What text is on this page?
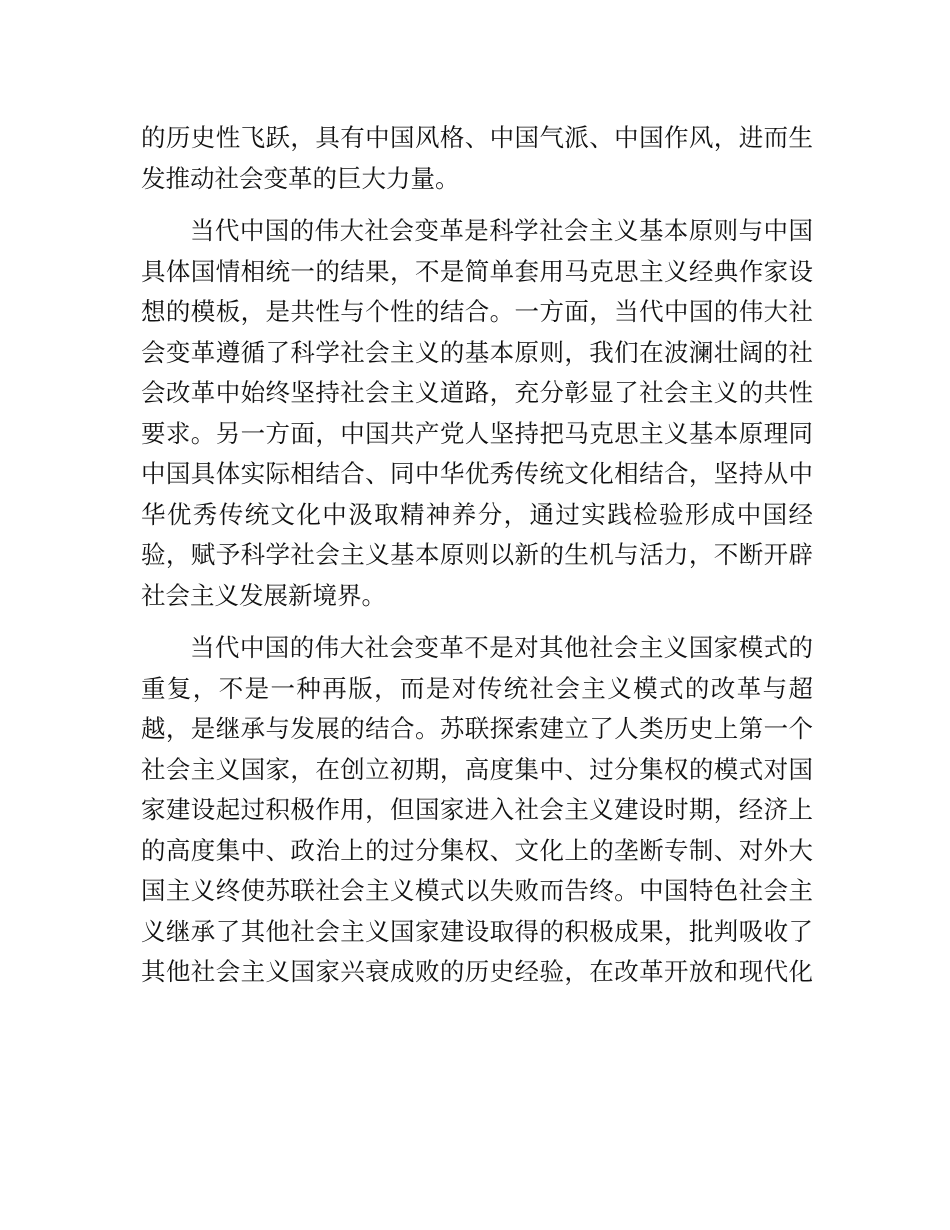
的历史性飞跃，具有中国风格、中国气派、中国作风，进而生
发推动社会变革的巨大力量。
当代中国的伟大社会变革是科学社会主义基本原则与中国
具体国情相统一的结果，不是简单套用马克思主义经典作家设
想的模板，是共性与个性的结合。一方面，当代中国的伟大社
会变革遵循了科学社会主义的基本原则，我们在波澜壮阔的社
会改革中始终坚持社会主义道路，充分彰显了社会主义的共性
要求。另一方面，中国共产党人坚持把马克思主义基本原理同
中国具体实际相结合、同中华优秀传统文化相结合，坚持从中
华优秀传统文化中汲取精神养分，通过实践检验形成中国经
验，赋予科学社会主义基本原则以新的生机与活力，不断开辟
社会主义发展新境界。
当代中国的伟大社会变革不是对其他社会主义国家模式的
重复，不是一种再版，而是对传统社会主义模式的改革与超
越，是继承与发展的结合。苏联探索建立了人类历史上第一个
社会主义国家，在创立初期，高度集中、过分集权的模式对国
家建设起过积极作用，但国家进入社会主义建设时期，经济上
的高度集中、政治上的过分集权、文化上的垄断专制、对外大
国主义终使苏联社会主义模式以失败而告终。中国特色社会主
义继承了其他社会主义国家建设取得的积极成果，批判吸收了
其他社会主义国家兴衰成败的历史经验，在改革开放和现代化
